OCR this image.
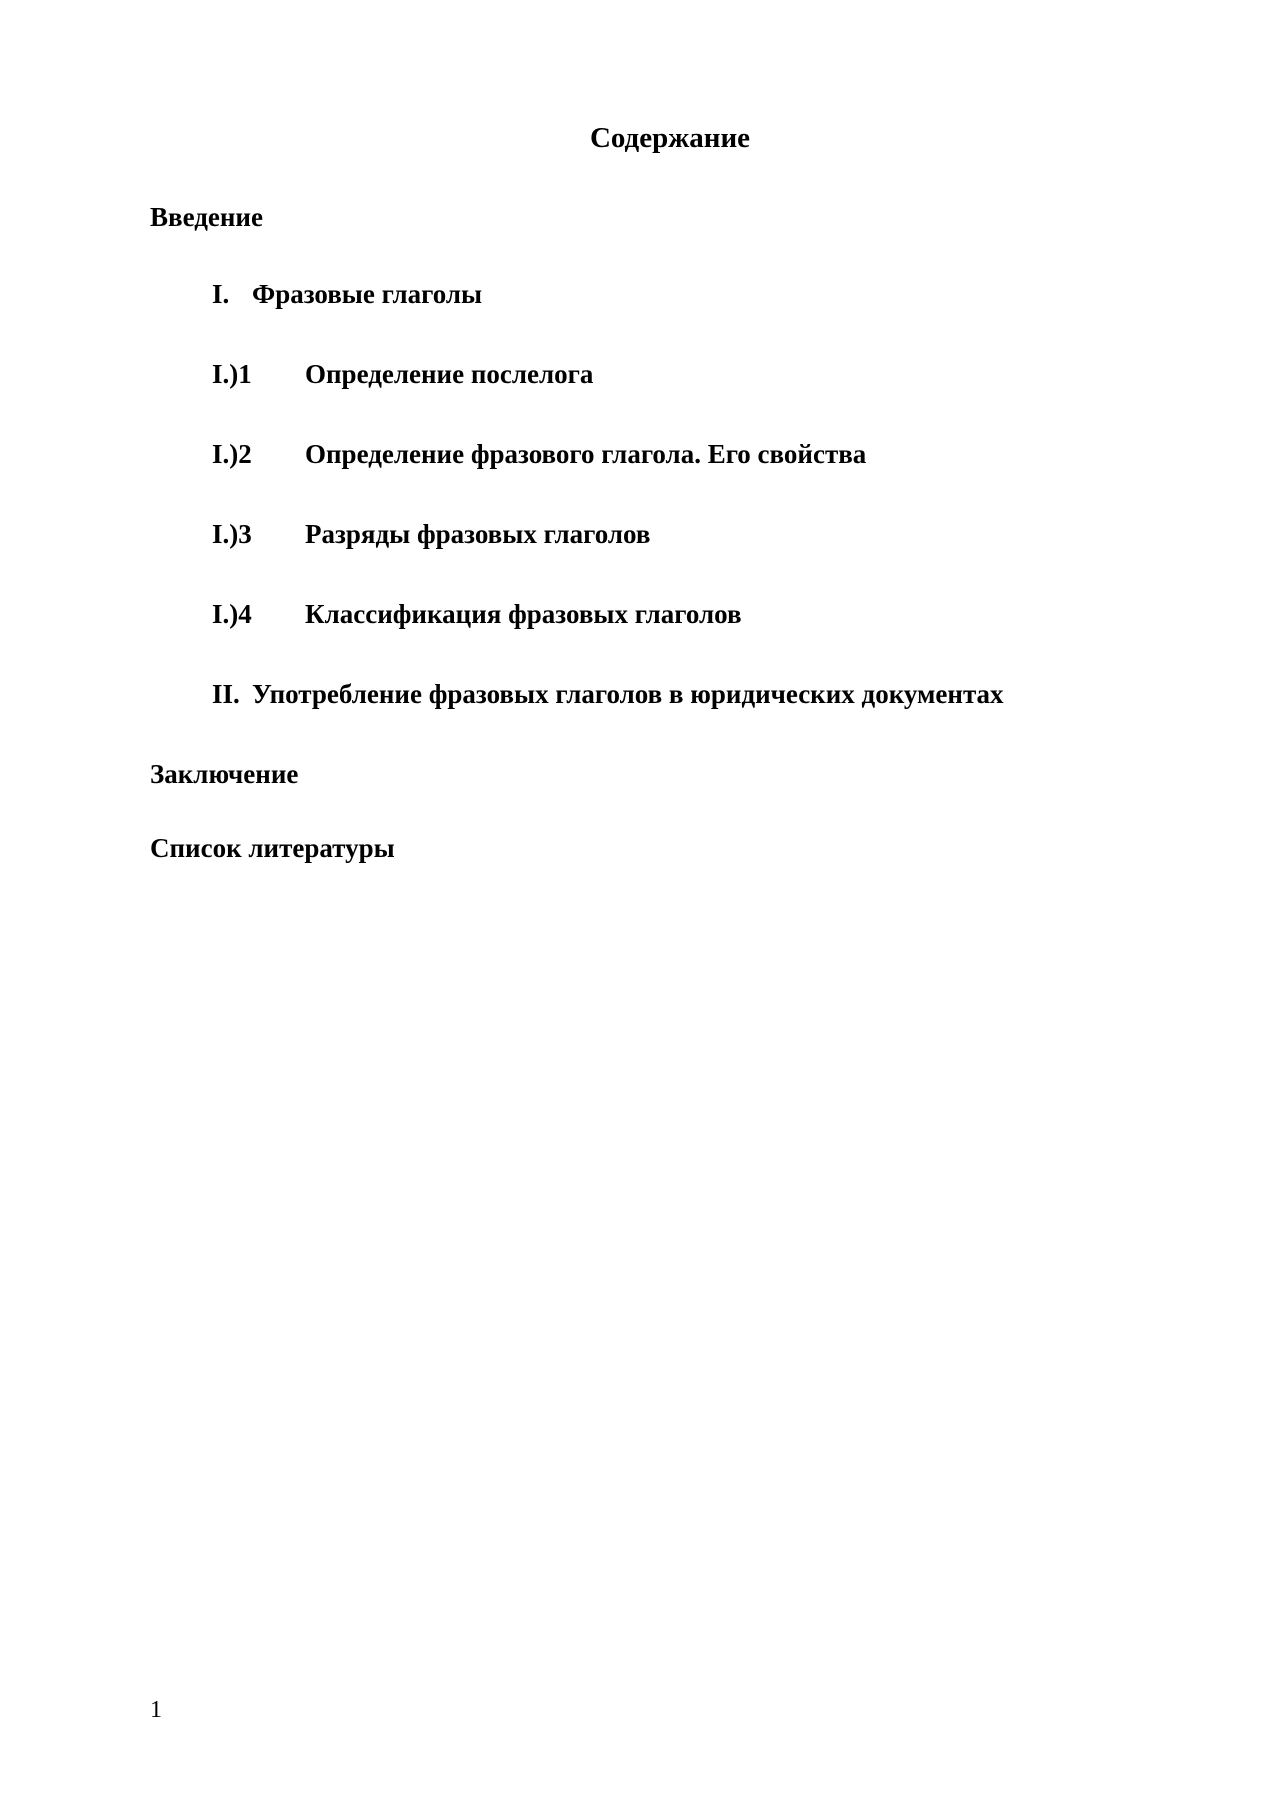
Содержание
Введение
I. Фразовые глаголы
I.)1 Определение послелога
I.)2 Определение фразового глагола. Его свойства
I.)3 Разряды фразовых глаголов
I.)4 Классификация фразовых глаголов
II. Употребление фразовых глаголов в юридических документах
Заключение
Список литературы
1
